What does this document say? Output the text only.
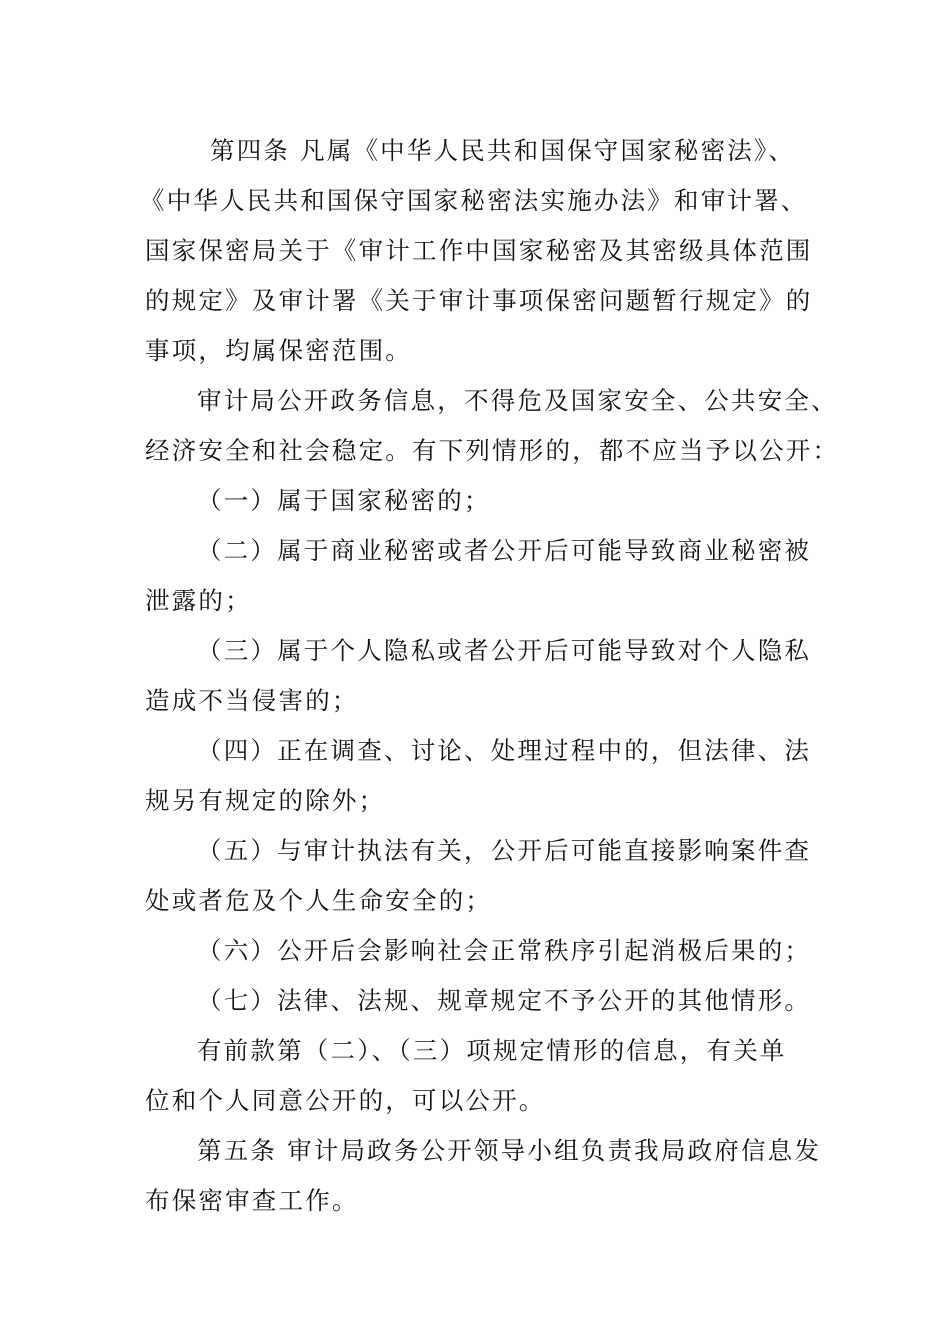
第四条 凡属《中华人民共和国保守国家秘密法》、
《中华人民共和国保守国家秘密法实施办法》和审计署、
国家保密局关于《审计工作中国家秘密及其密级具体范围
的规定》及审计署《关于审计事项保密问题暂行规定》的
事项，均属保密范围。
审计局公开政务信息，不得危及国家安全、公共安全、
经济安全和社会稳定。有下列情形的，都不应当予以公开：
（一）属于国家秘密的；
（二）属于商业秘密或者公开后可能导致商业秘密被
泄露的；
（三）属于个人隐私或者公开后可能导致对个人隐私
造成不当侵害的；
（四）正在调查、讨论、处理过程中的，但法律、法
规另有规定的除外；
（五）与审计执法有关，公开后可能直接影响案件查
处或者危及个人生命安全的；
（六）公开后会影响社会正常秩序引起消极后果的；
（七）法律、法规、规章规定不予公开的其他情形。
有前款第（二）、（三）项规定情形的信息，有关单
位和个人同意公开的，可以公开。
第五条 审计局政务公开领导小组负责我局政府信息发
布保密审查工作。
